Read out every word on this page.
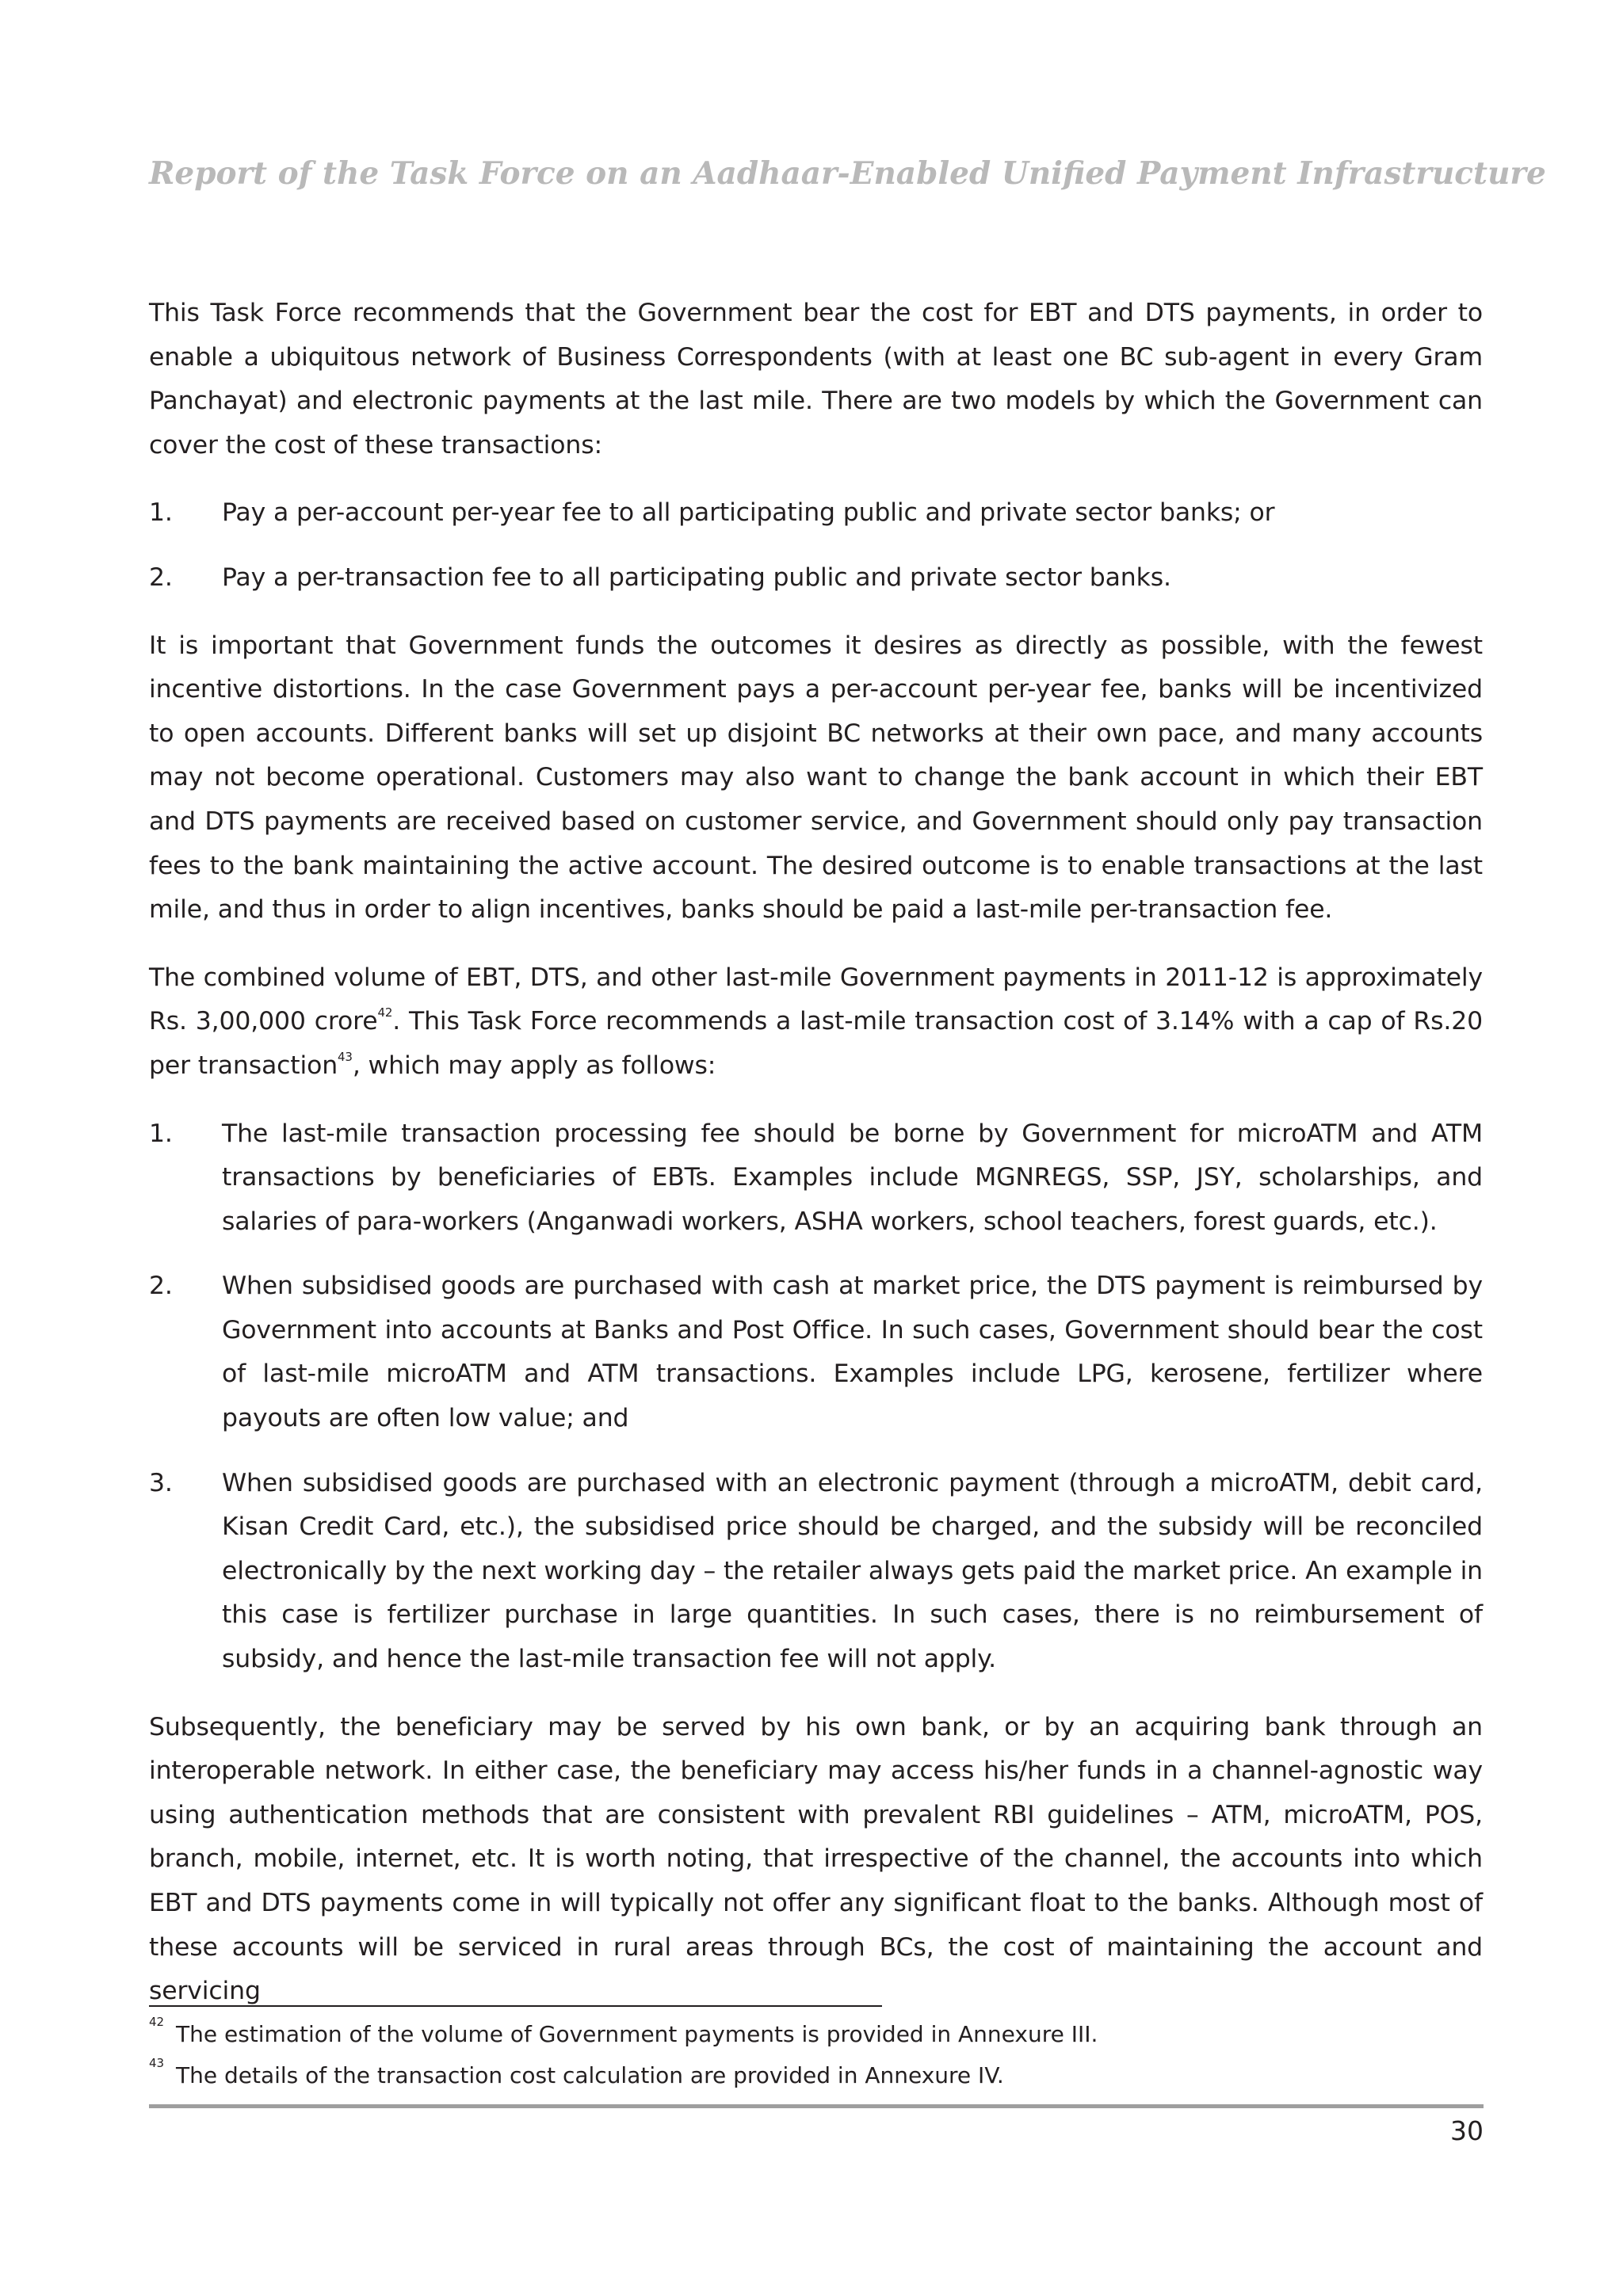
Report of the Task Force on an Aadhaar-Enabled Unified Payment Infrastructure

This Task Force recommends that the Government bear the cost for EBT and DTS payments, in order to enable a ubiquitous network of Business Correspondents (with at least one BC sub-agent in every Gram Panchayat) and electronic payments at the last mile. There are two models by which the Government can cover the cost of these transactions:

1. Pay a per-account per-year fee to all participating public and private sector banks; or
2. Pay a per-transaction fee to all participating public and private sector banks.

It is important that Government funds the outcomes it desires as directly as possible, with the fewest incentive distortions. In the case Government pays a per-account per-year fee, banks will be incentivized to open accounts. Different banks will set up disjoint BC networks at their own pace, and many accounts may not become operational. Customers may also want to change the bank account in which their EBT and DTS payments are received based on customer service, and Government should only pay transaction fees to the bank maintaining the active account. The desired outcome is to enable transactions at the last mile, and thus in order to align incentives, banks should be paid a last-mile per-transaction fee.

The combined volume of EBT, DTS, and other last-mile Government payments in 2011-12 is approximately Rs. 3,00,000 crore$^{42}$. This Task Force recommends a last-mile transaction cost of 3.14% with a cap of Rs.20 per transaction$^{43}$, which may apply as follows:

1. The last-mile transaction processing fee should be borne by Government for microATM and ATM transactions by beneficiaries of EBTs. Examples include MGNREGS, SSP, JSY, scholarships, and salaries of para-workers (Anganwadi workers, ASHA workers, school teachers, forest guards, etc.).
2. When subsidised goods are purchased with cash at market price, the DTS payment is reimbursed by Government into accounts at Banks and Post Office. In such cases, Government should bear the cost of last-mile microATM and ATM transactions. Examples include LPG, kerosene, fertilizer where payouts are often low value; and
3. When subsidised goods are purchased with an electronic payment (through a microATM, debit card, Kisan Credit Card, etc.), the subsidised price should be charged, and the subsidy will be reconciled electronically by the next working day – the retailer always gets paid the market price. An example in this case is fertilizer purchase in large quantities. In such cases, there is no reimbursement of subsidy, and hence the last-mile transaction fee will not apply.

Subsequently, the beneficiary may be served by his own bank, or by an acquiring bank through an interoperable network. In either case, the beneficiary may access his/her funds in a channel-agnostic way using authentication methods that are consistent with prevalent RBI guidelines – ATM, microATM, POS, branch, mobile, internet, etc. It is worth noting, that irrespective of the channel, the accounts into which EBT and DTS payments come in will typically not offer any significant float to the banks. Although most of these accounts will be serviced in rural areas through BCs, the cost of maintaining the account and servicing

42 The estimation of the volume of Government payments is provided in Annexure III.
43 The details of the transaction cost calculation are provided in Annexure IV.
30
